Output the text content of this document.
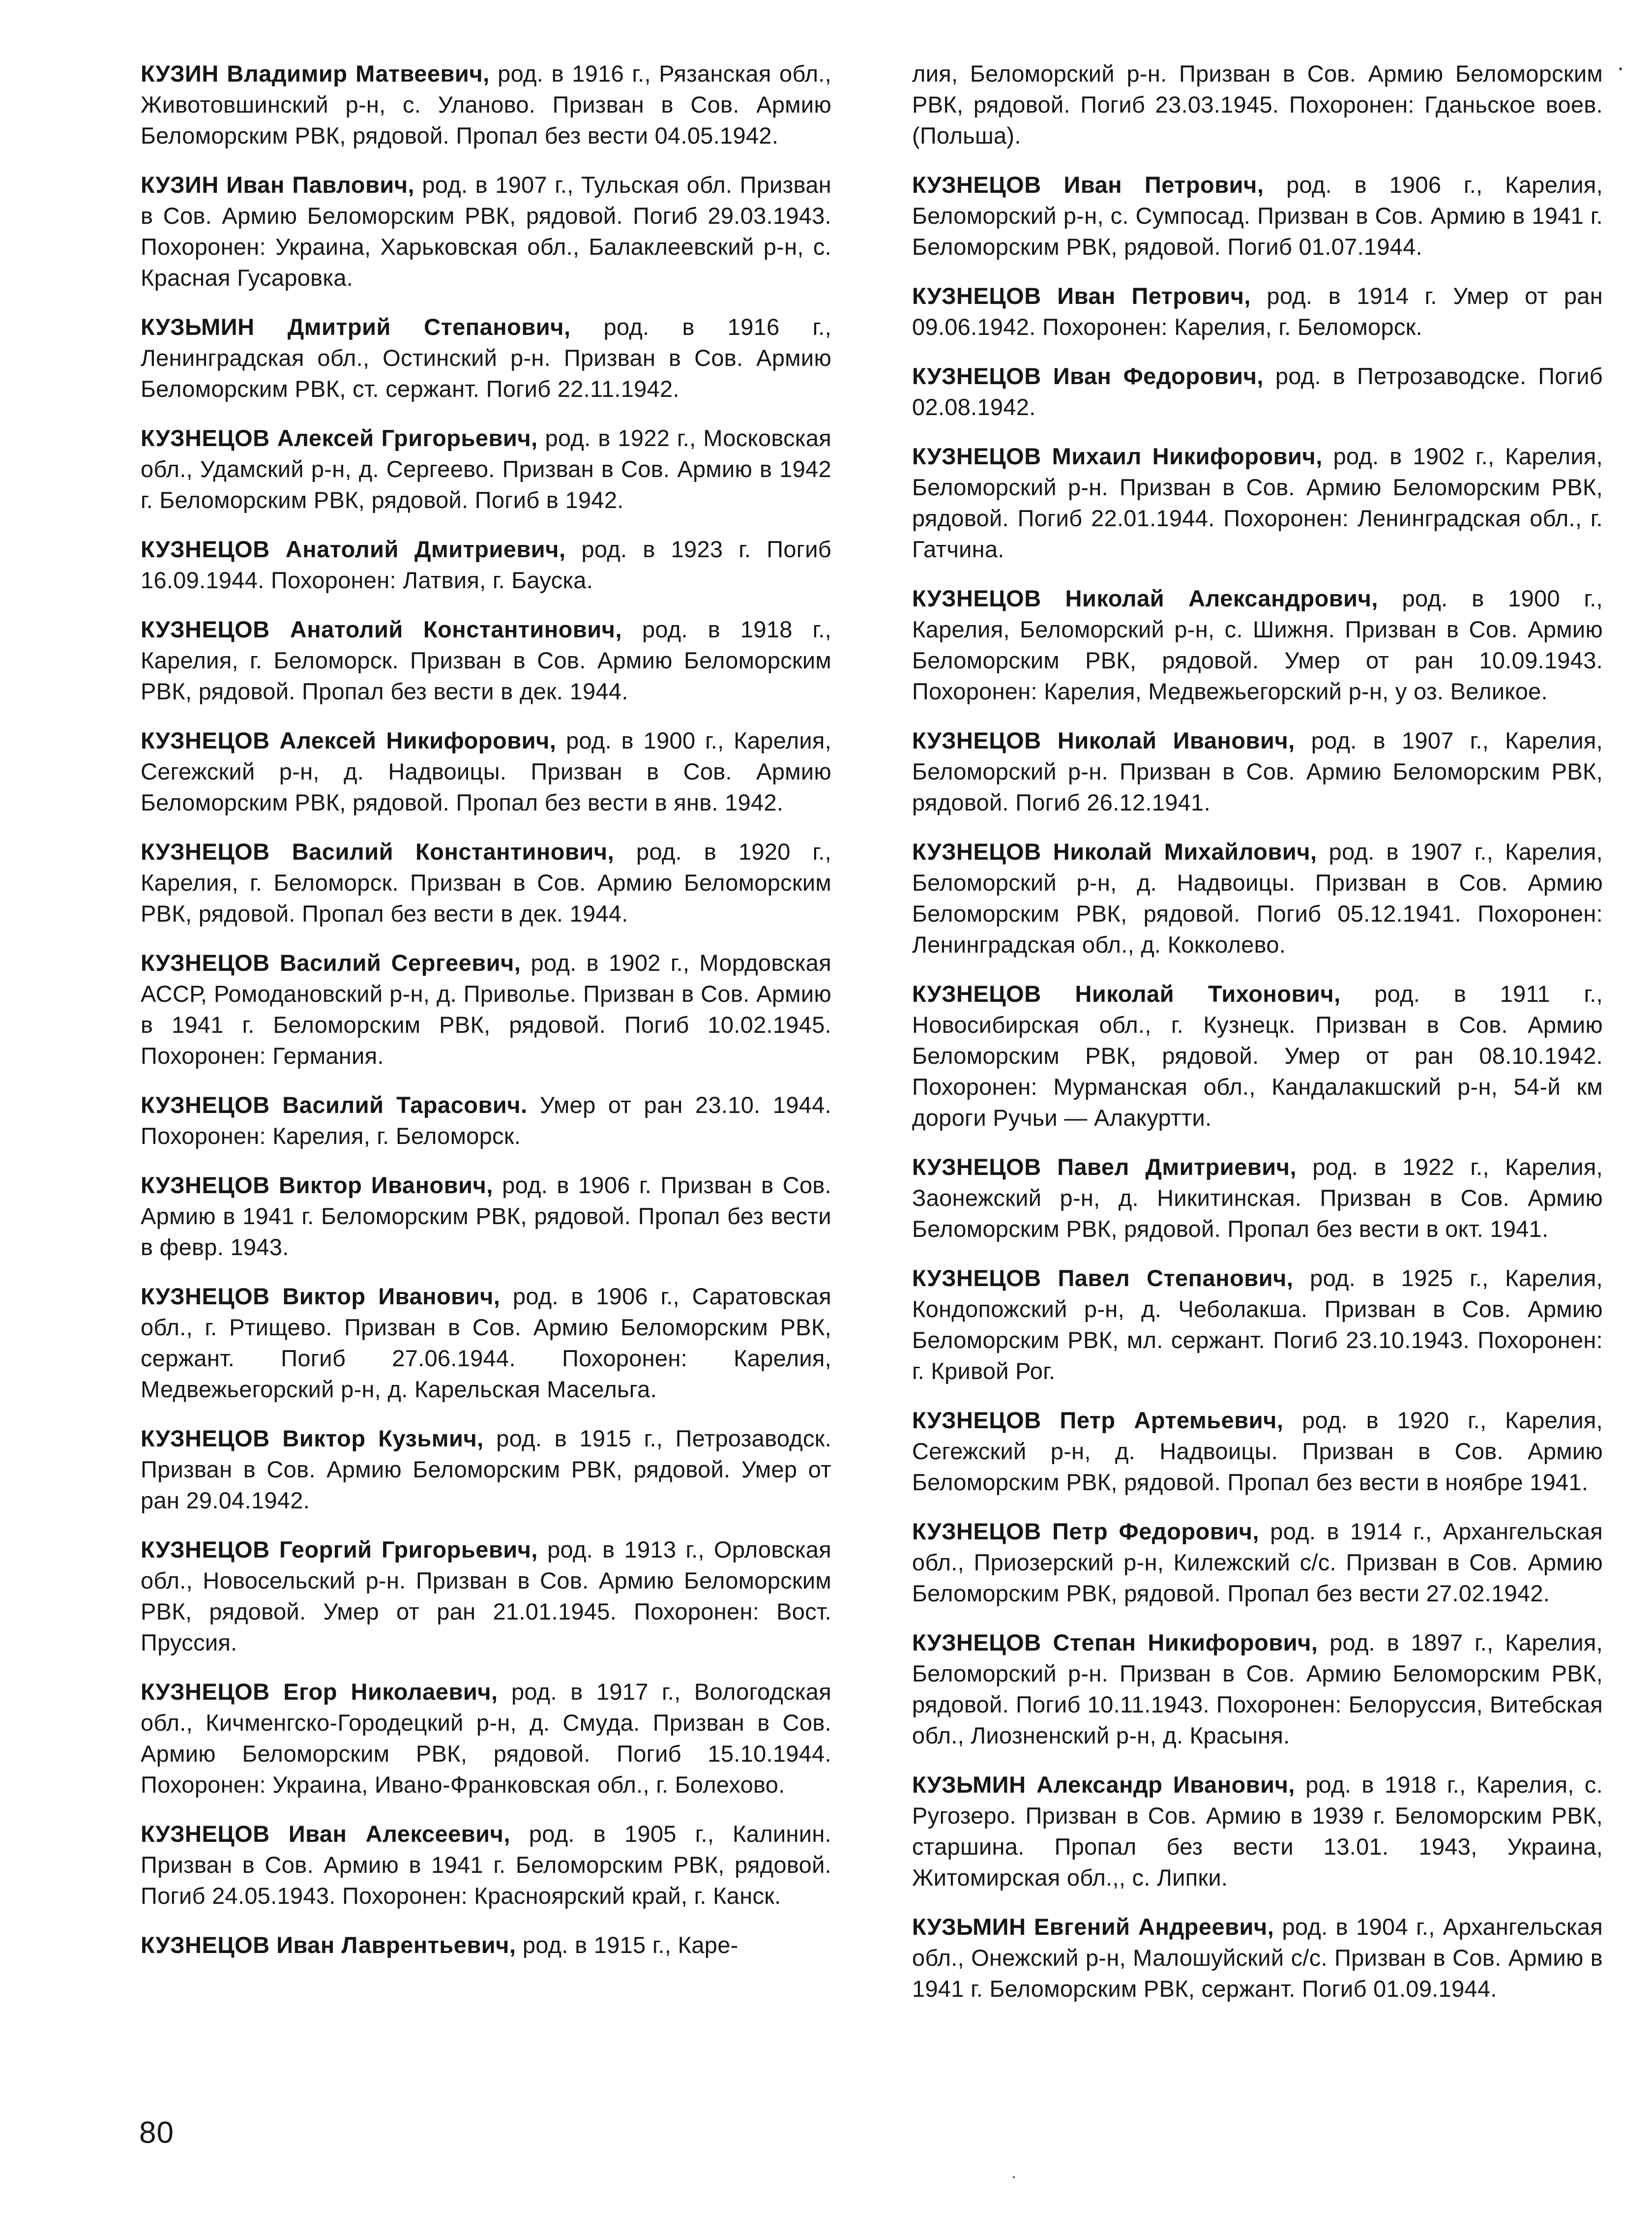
КУЗИН Владимир Матвеевич, род. в 1916 г., Рязанская обл., Животовшинский р-н, с. Уланово. Призван в Сов. Армию Беломорским РВК, рядовой. Пропал без вести 04.05.1942.

КУЗИН Иван Павлович, род. в 1907 г., Тульская обл. Призван в Сов. Армию Беломорским РВК, рядовой. Погиб 29.03.1943. Похоронен: Украина, Харьковская обл., Балаклеевский р-н, с. Красная Гусаровка.

КУЗЬМИН Дмитрий Степанович, род. в 1916 г., Ленинградская обл., Остинский р-н. Призван в Сов. Армию Беломорским РВК, ст. сержант. Погиб 22.11.1942.

КУЗНЕЦОВ Алексей Григорьевич, род. в 1922 г., Московская обл., Удамский р-н, д. Сергеево. Призван в Сов. Армию в 1942 г. Беломорским РВК, рядовой. Погиб в 1942.

КУЗНЕЦОВ Анатолий Дмитриевич, род. в 1923 г. Погиб 16.09.1944. Похоронен: Латвия, г. Бауска.

КУЗНЕЦОВ Анатолий Константинович, род. в 1918 г., Карелия, г. Беломорск. Призван в Сов. Армию Беломорским РВК, рядовой. Пропал без вести в дек. 1944.

КУЗНЕЦОВ Алексей Никифорович, род. в 1900 г., Карелия, Сегежский р-н, д. Надвоицы. Призван в Сов. Армию Беломорским РВК, рядовой. Пропал без вести в янв. 1942.

КУЗНЕЦОВ Василий Константинович, род. в 1920 г., Карелия, г. Беломорск. Призван в Сов. Армию Беломорским РВК, рядовой. Пропал без вести в дек. 1944.

КУЗНЕЦОВ Василий Сергеевич, род. в 1902 г., Мордовская АССР, Ромодановский р-н, д. Приволье. Призван в Сов. Армию в 1941 г. Беломорским РВК, рядовой. Погиб 10.02.1945. Похоронен: Германия.

КУЗНЕЦОВ Василий Тарасович. Умер от ран 23.10. 1944. Похоронен: Карелия, г. Беломорск.

КУЗНЕЦОВ Виктор Иванович, род. в 1906 г. Призван в Сов. Армию в 1941 г. Беломорским РВК, рядовой. Пропал без вести в февр. 1943.

КУЗНЕЦОВ Виктор Иванович, род. в 1906 г., Саратовская обл., г. Ртищево. Призван в Сов. Армию Беломорским РВК, сержант. Погиб 27.06.1944. Похоронен: Карелия, Медвежьегорский р-н, д. Карельская Масельга.

КУЗНЕЦОВ Виктор Кузьмич, род. в 1915 г., Петрозаводск. Призван в Сов. Армию Беломорским РВК, рядовой. Умер от ран 29.04.1942.

КУЗНЕЦОВ Георгий Григорьевич, род. в 1913 г., Орловская обл., Новосельский р-н. Призван в Сов. Армию Беломорским РВК, рядовой. Умер от ран 21.01.1945. Похоронен: Вост. Пруссия.

КУЗНЕЦОВ Егор Николаевич, род. в 1917 г., Вологодская обл., Кичменгско-Городецкий р-н, д. Смуда. Призван в Сов. Армию Беломорским РВК, рядовой. Погиб 15.10.1944. Похоронен: Украина, Ивано-Франковская обл., г. Болехово.

КУЗНЕЦОВ Иван Алексеевич, род. в 1905 г., Калинин. Призван в Сов. Армию в 1941 г. Беломорским РВК, рядовой. Погиб 24.05.1943. Похоронен: Красноярский край, г. Канск.

КУЗНЕЦОВ Иван Лаврентьевич, род. в 1915 г., Каре-

лия, Беломорский р-н. Призван в Сов. Армию Беломорским РВК, рядовой. Погиб 23.03.1945. Похоронен: Гданьское воев. (Польша).

КУЗНЕЦОВ Иван Петрович, род. в 1906 г., Карелия, Беломорский р-н, с. Сумпосад. Призван в Сов. Армию в 1941 г. Беломорским РВК, рядовой. Погиб 01.07.1944.

КУЗНЕЦОВ Иван Петрович, род. в 1914 г. Умер от ран 09.06.1942. Похоронен: Карелия, г. Беломорск.

КУЗНЕЦОВ Иван Федорович, род. в Петрозаводске. Погиб 02.08.1942.

КУЗНЕЦОВ Михаил Никифорович, род. в 1902 г., Карелия, Беломорский р-н. Призван в Сов. Армию Беломорским РВК, рядовой. Погиб 22.01.1944. Похоронен: Ленинградская обл., г. Гатчина.

КУЗНЕЦОВ Николай Александрович, род. в 1900 г., Карелия, Беломорский р-н, с. Шижня. Призван в Сов. Армию Беломорским РВК, рядовой. Умер от ран 10.09.1943. Похоронен: Карелия, Медвежьегорский р-н, у оз. Великое.

КУЗНЕЦОВ Николай Иванович, род. в 1907 г., Карелия, Беломорский р-н. Призван в Сов. Армию Беломорским РВК, рядовой. Погиб 26.12.1941.

КУЗНЕЦОВ Николай Михайлович, род. в 1907 г., Карелия, Беломорский р-н, д. Надвоицы. Призван в Сов. Армию Беломорским РВК, рядовой. Погиб 05.12.1941. Похоронен: Ленинградская обл., д. Кокколево.

КУЗНЕЦОВ Николай Тихонович, род. в 1911 г., Новосибирская обл., г. Кузнецк. Призван в Сов. Армию Беломорским РВК, рядовой. Умер от ран 08.10.1942. Похоронен: Мурманская обл., Кандалакшский р-н, 54-й км дороги Ручьи — Алакуртти.

КУЗНЕЦОВ Павел Дмитриевич, род. в 1922 г., Карелия, Заонежский р-н, д. Никитинская. Призван в Сов. Армию Беломорским РВК, рядовой. Пропал без вести в окт. 1941.

КУЗНЕЦОВ Павел Степанович, род. в 1925 г., Карелия, Кондопожский р-н, д. Чеболакша. Призван в Сов. Армию Беломорским РВК, мл. сержант. Погиб 23.10.1943. Похоронен: г. Кривой Рог.

КУЗНЕЦОВ Петр Артемьевич, род. в 1920 г., Карелия, Сегежский р-н, д. Надвоицы. Призван в Сов. Армию Беломорским РВК, рядовой. Пропал без вести в ноябре 1941.

КУЗНЕЦОВ Петр Федорович, род. в 1914 г., Архангельская обл., Приозерский р-н, Килежский с/с. Призван в Сов. Армию Беломорским РВК, рядовой. Пропал без вести 27.02.1942.

КУЗНЕЦОВ Степан Никифорович, род. в 1897 г., Карелия, Беломорский р-н. Призван в Сов. Армию Беломорским РВК, рядовой. Погиб 10.11.1943. Похоронен: Белоруссия, Витебская обл., Лиозненский р-н, д. Красыня.

КУЗЬМИН Александр Иванович, род. в 1918 г., Карелия, с. Ругозеро. Призван в Сов. Армию в 1939 г. Беломорским РВК, старшина. Пропал без вести 13.01. 1943, Украина, Житомирская обл.,, с. Липки.

КУЗЬМИН Евгений Андреевич, род. в 1904 г., Архангельская обл., Онежский р-н, Малошуйский с/с. Призван в Сов. Армию в 1941 г. Беломорским РВК, сержант. Погиб 01.09.1944.

80
